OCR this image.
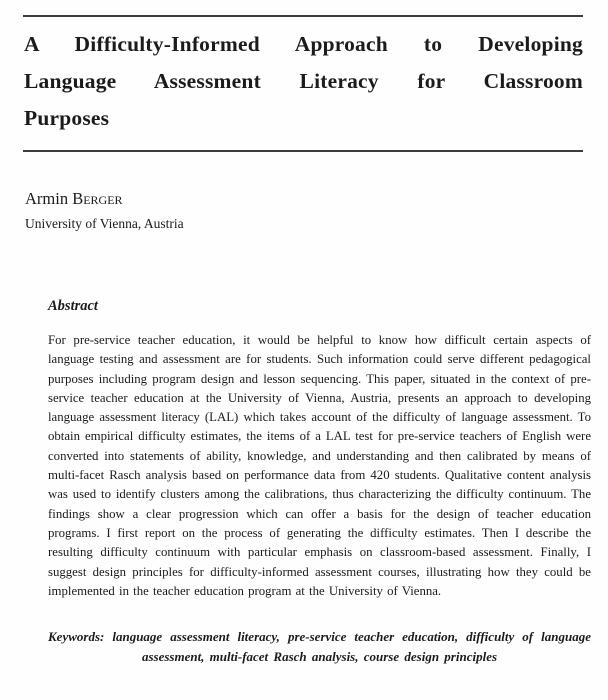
A Difficulty-Informed Approach to Developing
Language Assessment Literacy for Classroom
Purposes
Armin Berger
University of Vienna, Austria
Abstract

For pre-service teacher education, it would be helpful to know how difficult certain aspects of language testing and assessment are for students. Such information could serve different pedagogical purposes including program design and lesson sequencing. This paper, situated in the context of pre-service teacher education at the University of Vienna, Austria, presents an approach to developing language assessment literacy (LAL) which takes account of the difficulty of language assessment. To obtain empirical difficulty estimates, the items of a LAL test for pre-service teachers of English were converted into statements of ability, knowledge, and understanding and then calibrated by means of multi-facet Rasch analysis based on performance data from 420 students. Qualitative content analysis was used to identify clusters among the calibrations, thus characterizing the difficulty continuum. The findings show a clear progression which can offer a basis for the design of teacher education programs. I first report on the process of generating the difficulty estimates. Then I describe the resulting difficulty continuum with particular emphasis on classroom-based assessment. Finally, I suggest design principles for difficulty-informed assessment courses, illustrating how they could be implemented in the teacher education program at the University of Vienna.

Keywords: language assessment literacy, pre-service teacher education, difficulty of language assessment, multi-facet Rasch analysis, course design principles
